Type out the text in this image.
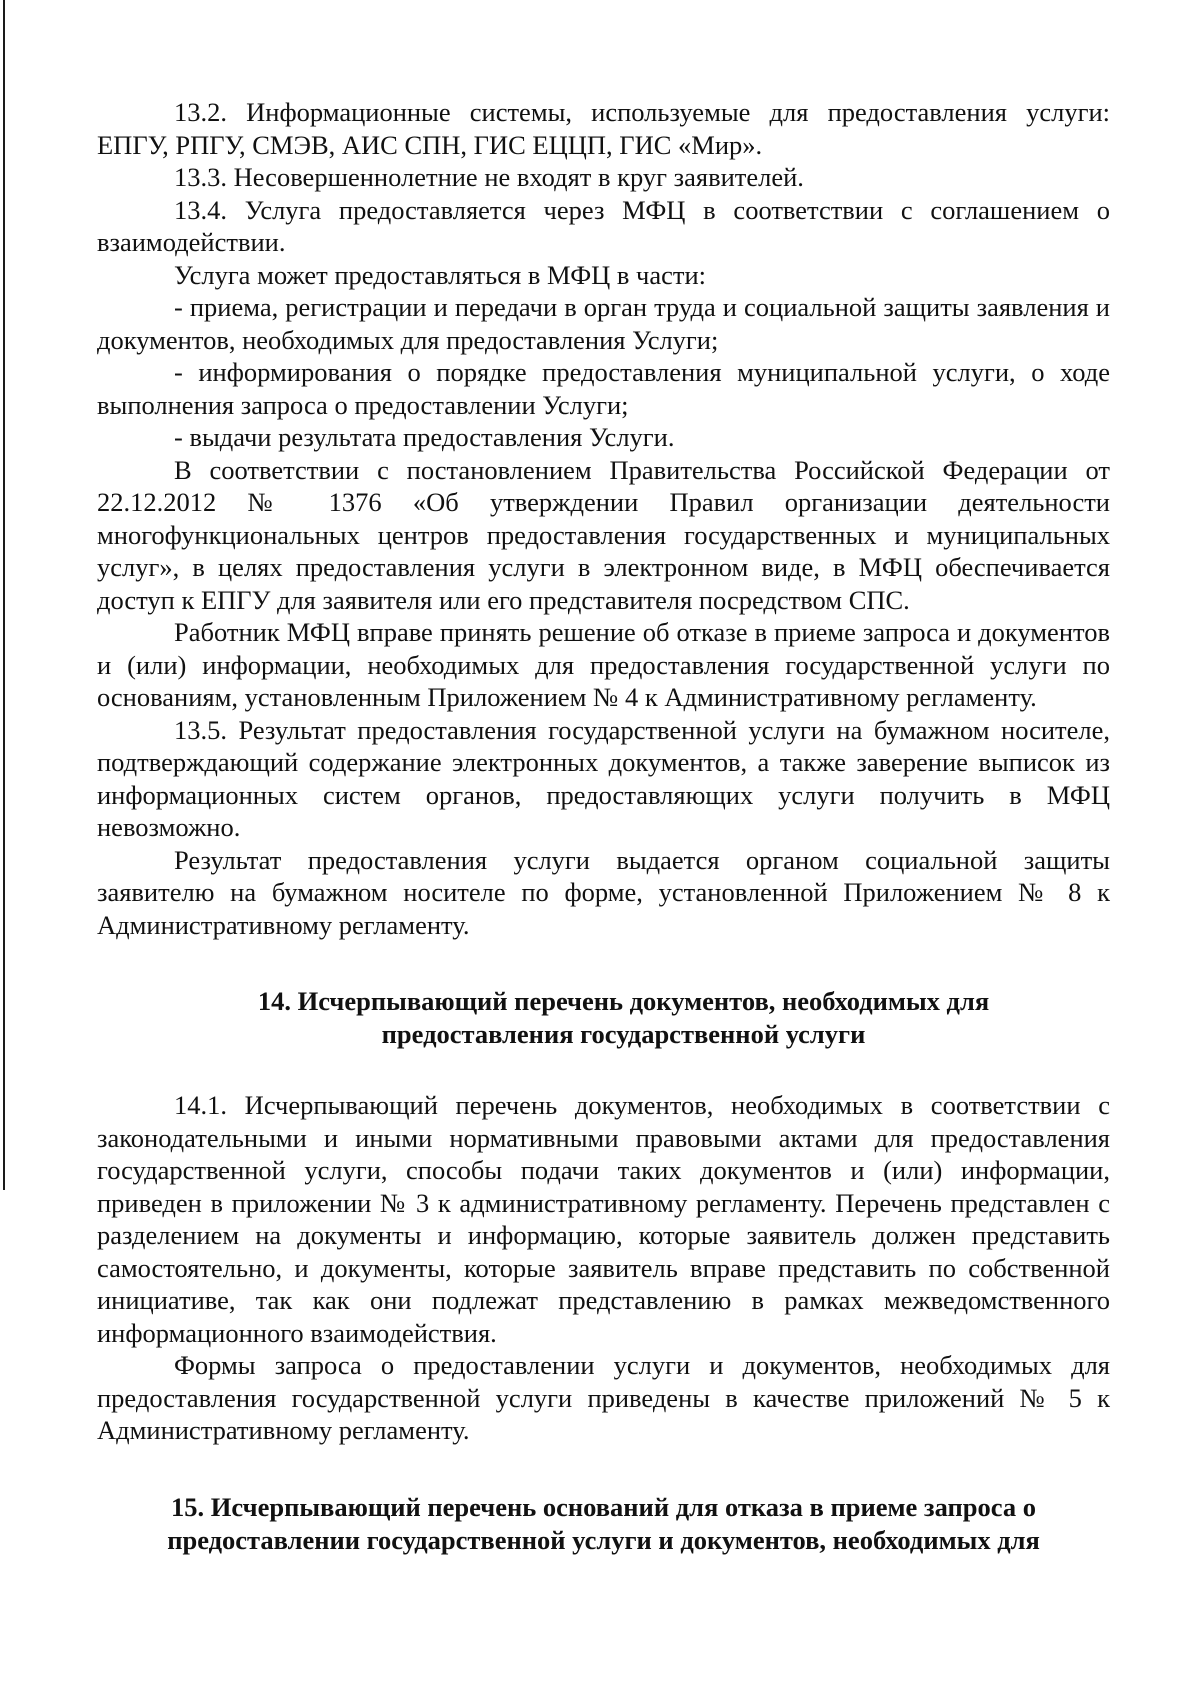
13.2. Информационные системы, используемые для предоставления услуги: ЕПГУ, РПГУ, СМЭВ, АИС СПН, ГИС ЕЦЦП, ГИС «Мир».

13.3. Несовершеннолетние не входят в круг заявителей.

13.4. Услуга предоставляется через МФЦ в соответствии с соглашением о взаимодействии.

Услуга может предоставляться в МФЦ в части:

- приема, регистрации и передачи в орган труда и социальной защиты заявления и документов, необходимых для предоставления Услуги;

- информирования о порядке предоставления муниципальной услуги, о ходе выполнения запроса о предоставлении Услуги;

- выдачи результата предоставления Услуги.

В соответствии с постановлением Правительства Российской Федерации от 22.12.2012 № 1376 «Об утверждении Правил организации деятельности многофункциональных центров предоставления государственных и муниципальных услуг», в целях предоставления услуги в электронном виде, в МФЦ обеспечивается доступ к ЕПГУ для заявителя или его представителя посредством СПС.

Работник МФЦ вправе принять решение об отказе в приеме запроса и документов и (или) информации, необходимых для предоставления государственной услуги по основаниям, установленным Приложением № 4 к Административному регламенту.

13.5. Результат предоставления государственной услуги на бумажном носителе, подтверждающий содержание электронных документов, а также заверение выписок из информационных систем органов, предоставляющих услуги получить в МФЦ невозможно.

Результат предоставления услуги выдается органом социальной защиты заявителю на бумажном носителе по форме, установленной Приложением № 8 к Административному регламенту.

14. Исчерпывающий перечень документов, необходимых для
предоставления государственной услуги

14.1. Исчерпывающий перечень документов, необходимых в соответствии с законодательными и иными нормативными правовыми актами для предоставления государственной услуги, способы подачи таких документов и (или) информации, приведен в приложении № 3 к административному регламенту. Перечень представлен с разделением на документы и информацию, которые заявитель должен представить самостоятельно, и документы, которые заявитель вправе представить по собственной инициативе, так как они подлежат представлению в рамках межведомственного информационного взаимодействия.

Формы запроса о предоставлении услуги и документов, необходимых для предоставления государственной услуги приведены в качестве приложений № 5 к Административному регламенту.

15. Исчерпывающий перечень оснований для отказа в приеме запроса о
предоставлении государственной услуги и документов, необходимых для
